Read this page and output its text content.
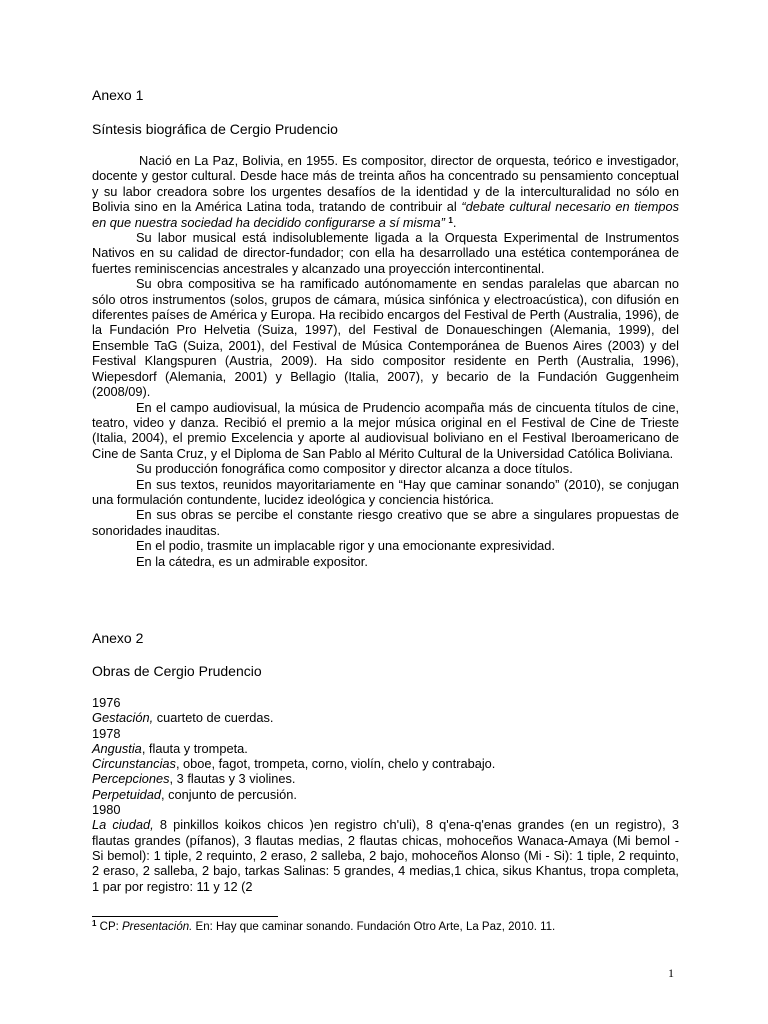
Anexo 1
Síntesis biográfica de Cergio Prudencio

Nació en La Paz, Bolivia, en 1955. Es compositor, director de orquesta, teórico e investigador, docente y gestor cultural. Desde hace más de treinta años ha concentrado su pensamiento conceptual y su labor creadora sobre los urgentes desafíos de la identidad y de la interculturalidad no sólo en Bolivia sino en la América Latina toda, tratando de contribuir al “debate cultural necesario en tiempos en que nuestra sociedad ha decidido configurarse a sí misma” $^1$.

Su labor musical está indisolublemente ligada a la Orquesta Experimental de Instrumentos Nativos en su calidad de director-fundador; con ella ha desarrollado una estética contemporánea de fuertes reminiscencias ancestrales y alcanzado una proyección intercontinental.

Su obra compositiva se ha ramificado autónomamente en sendas paralelas que abarcan no sólo otros instrumentos (solos, grupos de cámara, música sinfónica y electroacústica), con difusión en diferentes países de América y Europa. Ha recibido encargos del Festival de Perth (Australia, 1996), de la Fundación Pro Helvetia (Suiza, 1997), del Festival de Donaueschingen (Alemania, 1999), del Ensemble TaG (Suiza, 2001), del Festival de Música Contemporánea de Buenos Aires (2003) y del Festival Klangspuren (Austria, 2009). Ha sido compositor residente en Perth (Australia, 1996), Wiepesdorf (Alemania, 2001) y Bellagio (Italia, 2007), y becario de la Fundación Guggenheim (2008/09).

En el campo audiovisual, la música de Prudencio acompaña más de cincuenta títulos de cine, teatro, video y danza. Recibió el premio a la mejor música original en el Festival de Cine de Trieste (Italia, 2004), el premio Excelencia y aporte al audiovisual boliviano en el Festival Iberoamericano de Cine de Santa Cruz, y el Diploma de San Pablo al Mérito Cultural de la Universidad Católica Boliviana.

Su producción fonográfica como compositor y director alcanza a doce títulos.

En sus textos, reunidos mayoritariamente en “Hay que caminar sonando” (2010), se conjugan una formulación contundente, lucidez ideológica y conciencia histórica.

En sus obras se percibe el constante riesgo creativo que se abre a singulares propuestas de sonoridades inauditas.

En el podio, trasmite un implacable rigor y una emocionante expresividad.

En la cátedra, es un admirable expositor.

Anexo 2
Obras de Cergio Prudencio
1976
Gestación, cuarteto de cuerdas.
1978
Angustia, flauta y trompeta.
Circunstancias, oboe, fagot, trompeta, corno, violín, chelo y contrabajo.
Percepciones, 3 flautas y 3 violines.
Perpetuidad, conjunto de percusión.
1980
La ciudad, 8 pinkillos koikos chicos )en registro ch'uli), 8 q'ena-q'enas grandes (en un registro), 3 flautas grandes (pífanos), 3 flautas medias, 2 flautas chicas, mohoceños Wanaca-Amaya (Mi bemol - Si bemol): 1 tiple, 2 requinto, 2 eraso, 2 salleba, 2 bajo, mohoceños Alonso (Mi - Si): 1 tiple, 2 requinto, 2 eraso, 2 salleba, 2 bajo, tarkas Salinas: 5 grandes, 4 medias,1 chica, sikus Khantus, tropa completa, 1 par por registro: 11 y 12 (2
$^1$ CP: Presentación. En: Hay que caminar sonando. Fundación Otro Arte, La Paz, 2010. 11.
1
